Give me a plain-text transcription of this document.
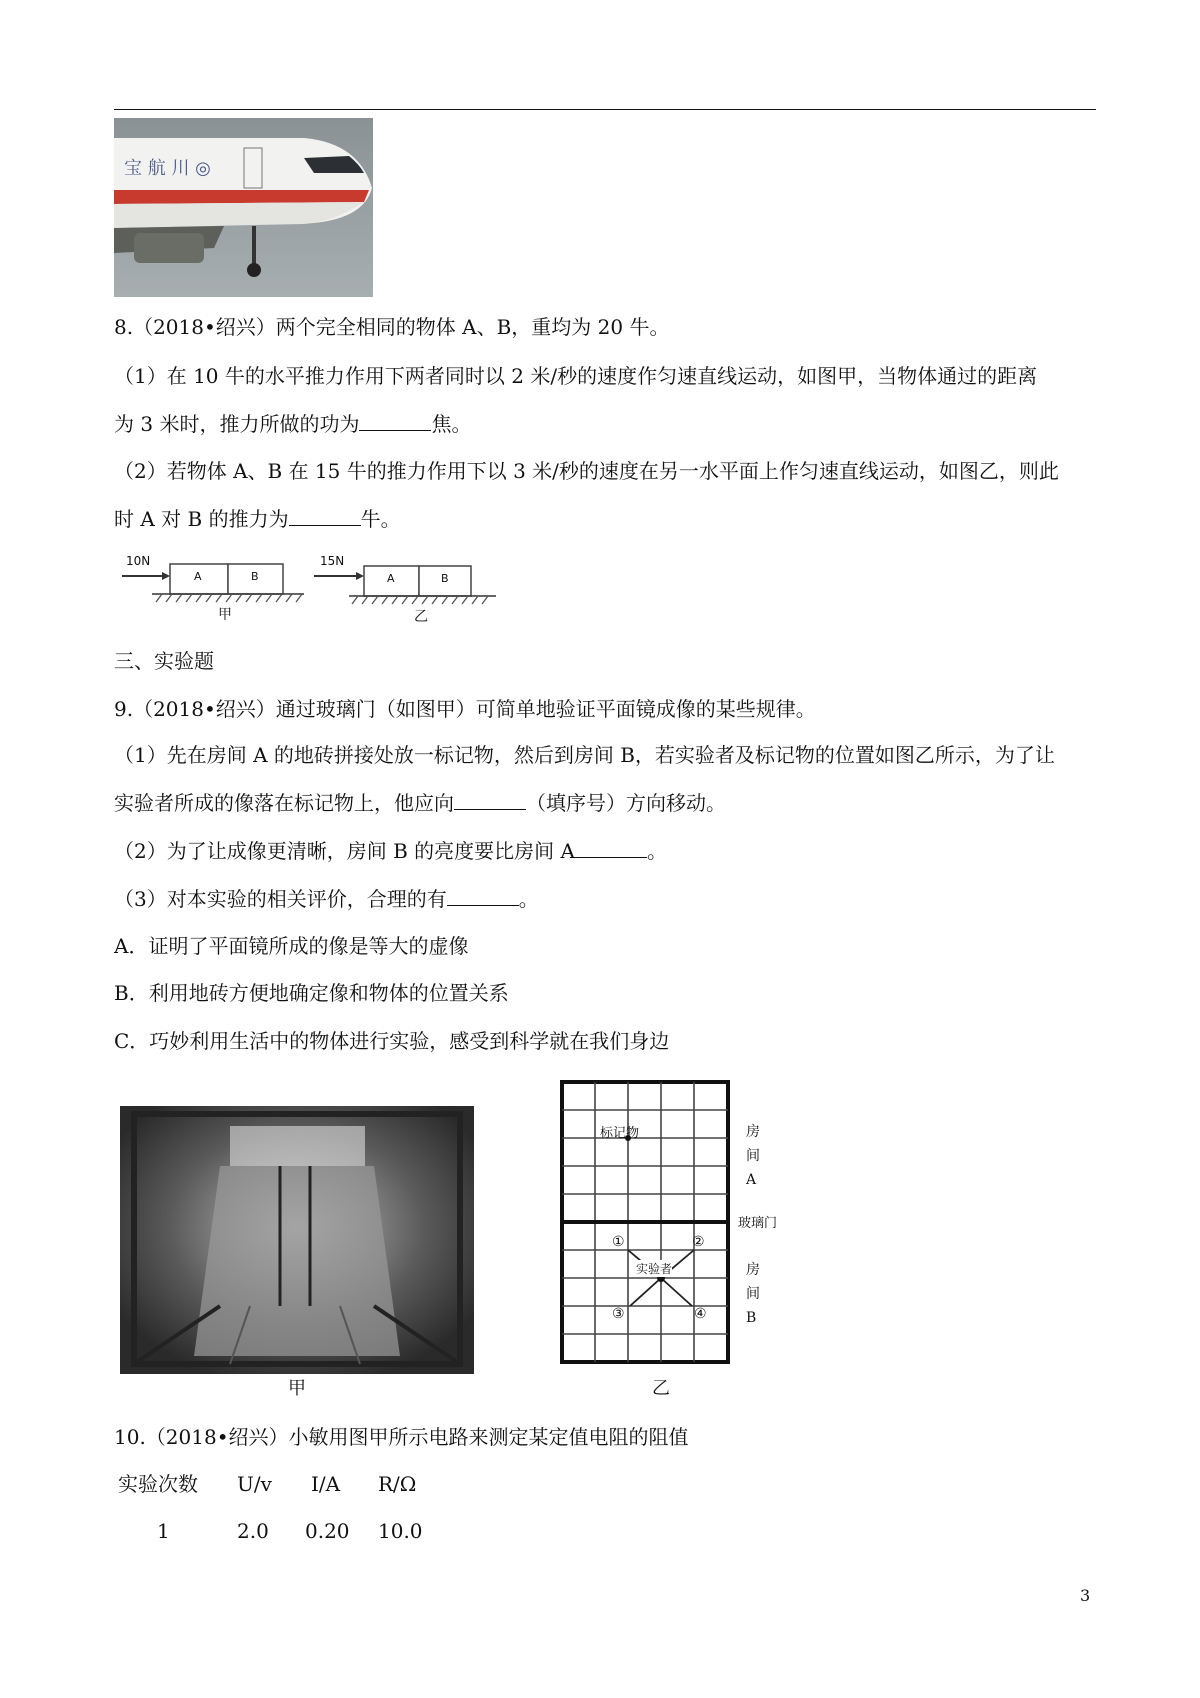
宝 航 川 ◎
8.（2018•绍兴）两个完全相同的物体 A、B，重均为 20 牛。
（1）在 10 牛的水平推力作用下两者同时以 2 米/秒的速度作匀速直线运动，如图甲，当物体通过的距离
为 3 米时，推力所做的功为	焦。
（2）若物体 A、B 在 15 牛的推力作用下以 3 米/秒的速度在另一水平面上作匀速直线运动，如图乙，则此
时 A 对 B 的推力为	牛。
10N
A	B
甲
15N
A	B
乙
三、实验题
9.（2018•绍兴）通过玻璃门（如图甲）可简单地验证平面镜成像的某些规律。
（1）先在房间 A 的地砖拼接处放一标记物，然后到房间 B，若实验者及标记物的位置如图乙所示，为了让
实验者所成的像落在标记物上，他应向	（填序号）方向移动。
（2）为了让成像更清晰，房间 B 的亮度要比房间 A	。
（3）对本实验的相关评价，合理的有	。
A．证明了平面镜所成的像是等大的虚像
B．利用地砖方便地确定像和物体的位置关系
C．巧妙利用生活中的物体进行实验，感受到科学就在我们身边
甲
标记物
实验者
①	②
③	④
房间A
玻璃门
房间B
乙
10.（2018•绍兴）小敏用图甲所示电路来测定某定值电阻的阻值
实验次数 U/v I/A R/Ω
1	2.0 0.20 10.0
3
